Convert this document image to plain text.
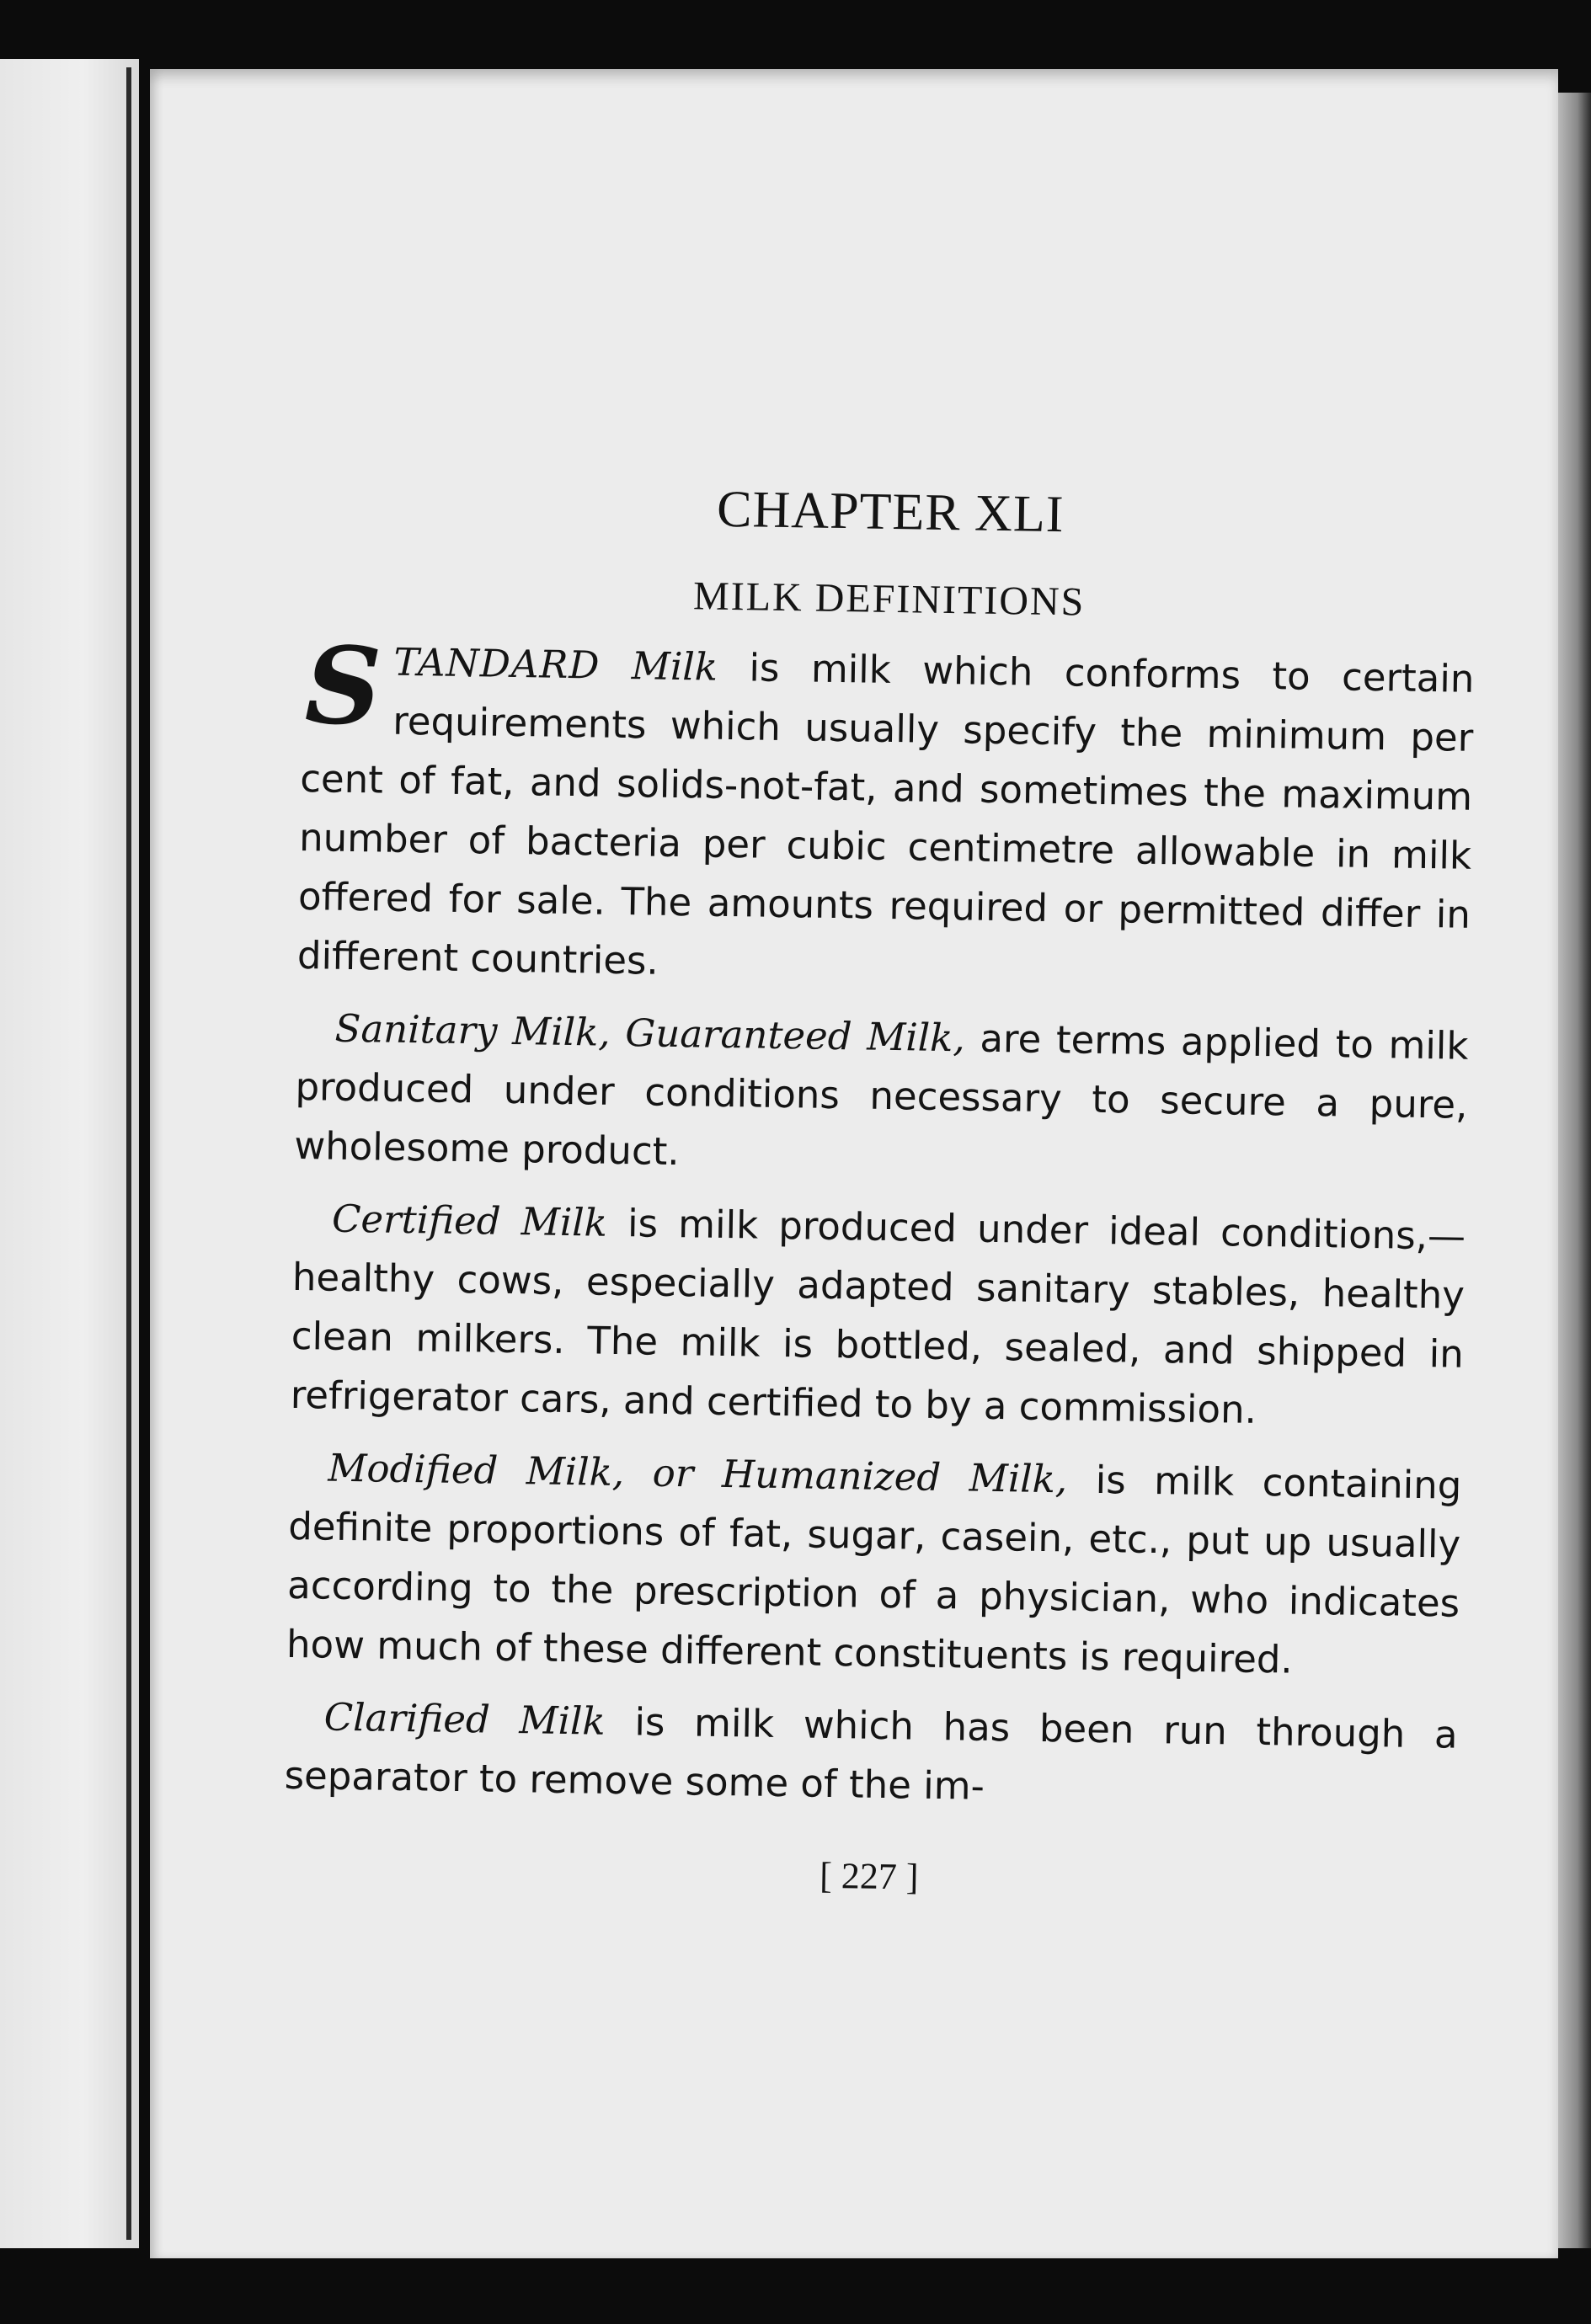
CHAPTER XLI
MILK DEFINITIONS

STANDARD Milk is milk which conforms to certain requirements which usually specify the minimum per cent of fat, and solids-not-fat, and sometimes the maximum number of bacteria per cubic centimetre allowable in milk offered for sale. The amounts required or permitted differ in different countries.

Sanitary Milk, Guaranteed Milk, are terms applied to milk produced under conditions necessary to secure a pure, wholesome product.

Certified Milk is milk produced under ideal conditions,— healthy cows, especially adapted sanitary stables, healthy clean milkers. The milk is bottled, sealed, and shipped in refrigerator cars, and certified to by a commission.

Modified Milk, or Humanized Milk, is milk containing definite proportions of fat, sugar, casein, etc., put up usually according to the prescription of a physician, who indicates how much of these different constituents is required.

Clarified Milk is milk which has been run through a separator to remove some of the im-

[ 227 ]
